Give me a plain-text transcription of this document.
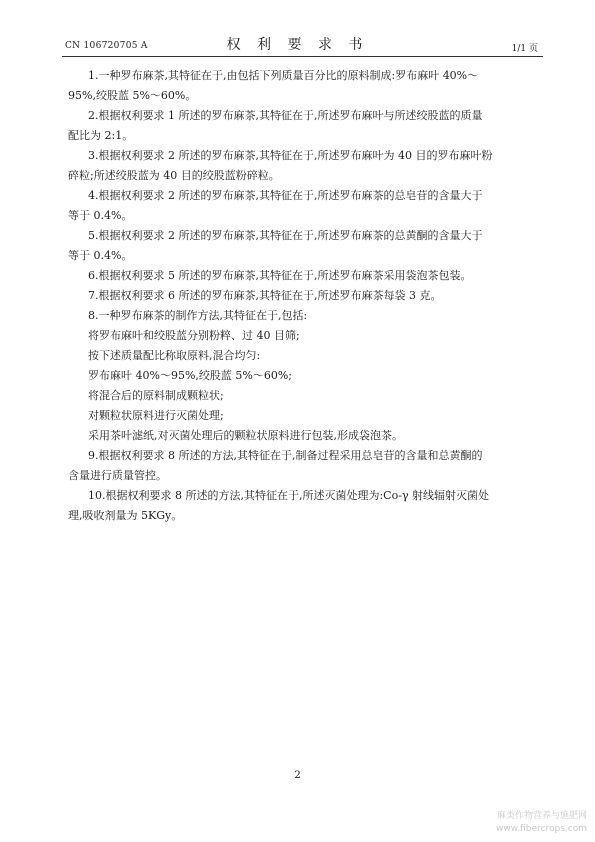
CN 106720705 A	权 利 要 求 书	1/1 页

1.一种罗布麻茶,其特征在于,由包括下列质量百分比的原料制成:罗布麻叶 40%～

95%,绞股蓝 5%～60%。

2.根据权利要求 1 所述的罗布麻茶,其特征在于,所述罗布麻叶与所述绞股蓝的质量

配比为 2:1。

3.根据权利要求 2 所述的罗布麻茶,其特征在于,所述罗布麻叶为 40 目的罗布麻叶粉

碎粒;所述绞股蓝为 40 目的绞股蓝粉碎粒。

4.根据权利要求 2 所述的罗布麻茶,其特征在于,所述罗布麻茶的总皂苷的含量大于

等于 0.4%。

5.根据权利要求 2 所述的罗布麻茶,其特征在于,所述罗布麻茶的总黄酮的含量大于

等于 0.4%。

6.根据权利要求 5 所述的罗布麻茶,其特征在于,所述罗布麻茶采用袋泡茶包装。

7.根据权利要求 6 所述的罗布麻茶,其特征在于,所述罗布麻茶每袋 3 克。

8.一种罗布麻茶的制作方法,其特征在于,包括:

将罗布麻叶和绞股蓝分别粉粹、过 40 目筛;

按下述质量配比称取原料,混合均匀:

罗布麻叶 40%～95%,绞股蓝 5%～60%;

将混合后的原料制成颗粒状;

对颗粒状原料进行灭菌处理;

采用茶叶滤纸,对灭菌处理后的颗粒状原料进行包装,形成袋泡茶。

9.根据权利要求 8 所述的方法,其特征在于,制备过程采用总皂苷的含量和总黄酮的

含量进行质量管控。

10.根据权利要求 8 所述的方法,其特征在于,所述灭菌处理为:Co-γ 射线辐射灭菌处

理,吸收剂量为 5KGy。

2
麻类作物营养与施肥网
www.fibercrops.com
